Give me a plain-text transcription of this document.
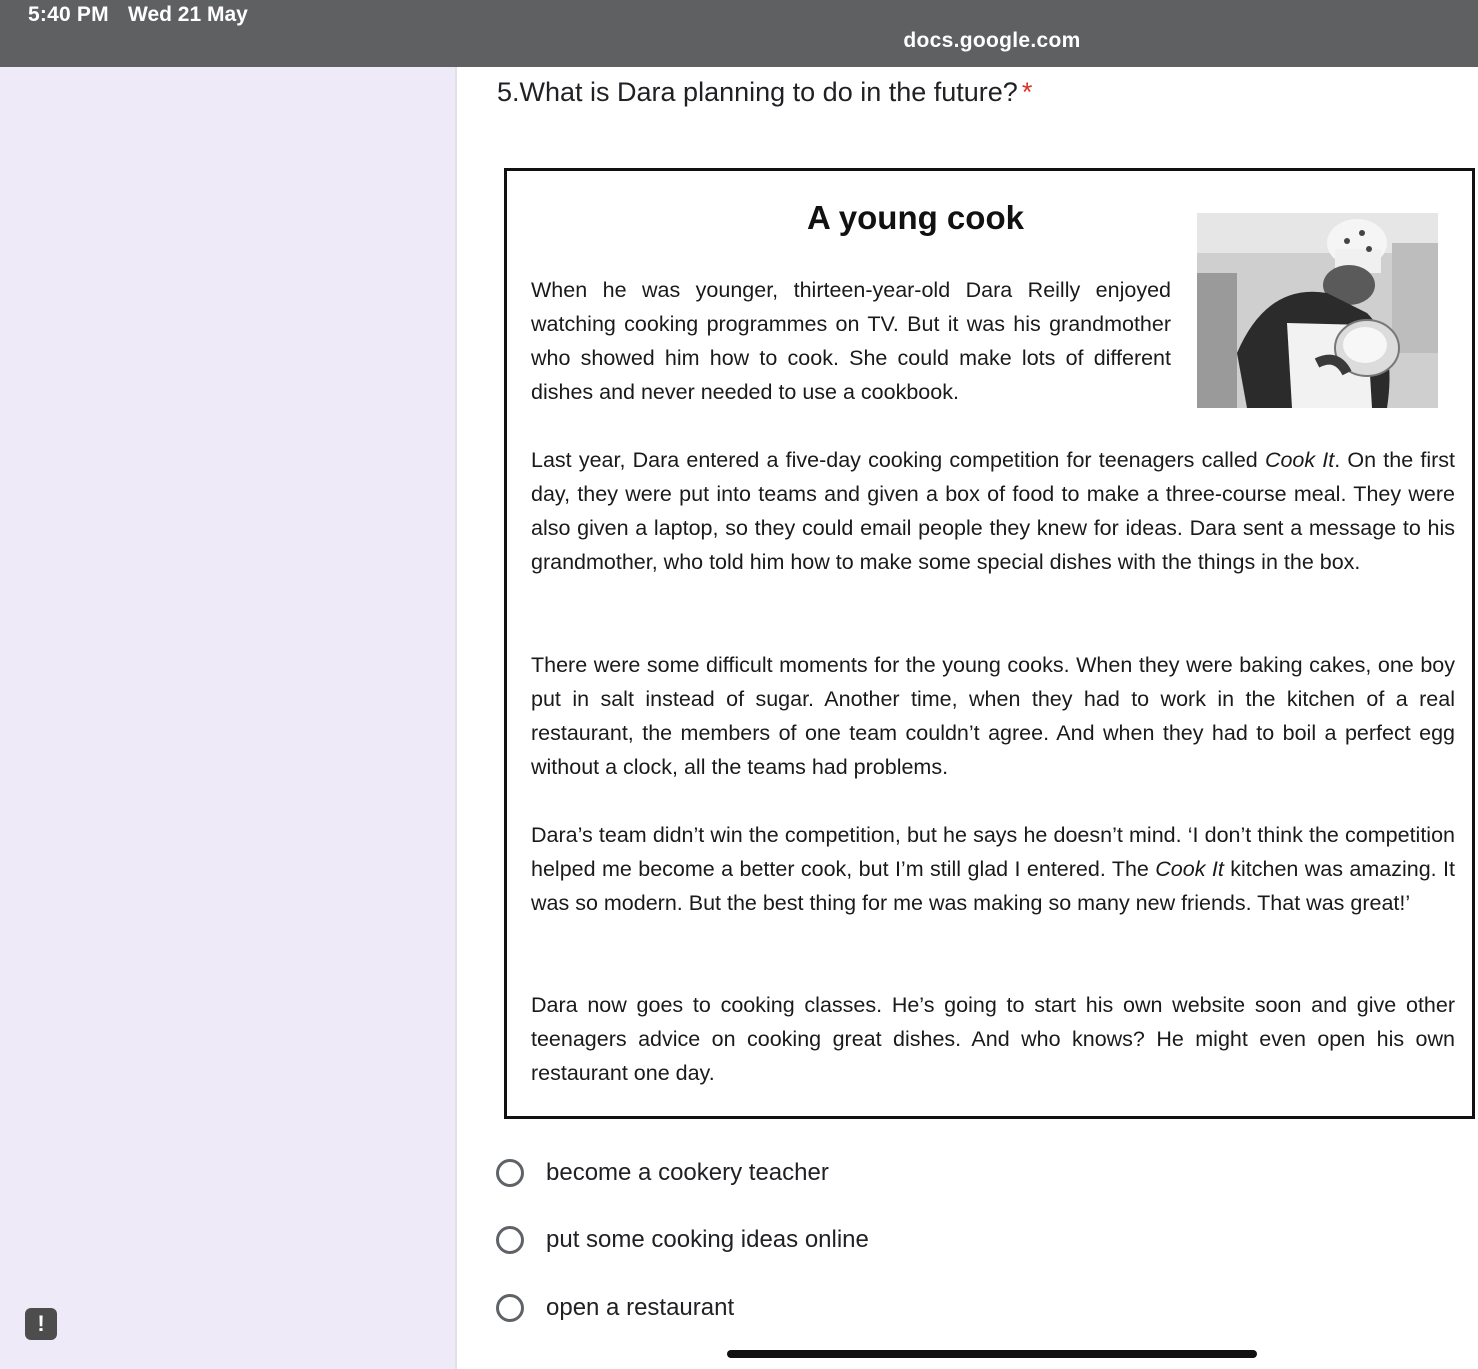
5:40 PM Wed 21 May
docs.google.com
!
5.What is Dara planning to do in the future? *
A young cook

When he was younger, thirteen-year-old Dara Reilly enjoyed watching cooking programmes on TV. But it was his grandmother who showed him how to cook. She could make lots of different dishes and never needed to use a cookbook.

Last year, Dara entered a five-day cooking competition for teenagers called Cook It. On the first day, they were put into teams and given a box of food to make a three-course meal. They were also given a laptop, so they could email people they knew for ideas. Dara sent a message to his grandmother, who told him how to make some special dishes with the things in the box.

There were some difficult moments for the young cooks. When they were baking cakes, one boy put in salt instead of sugar. Another time, when they had to work in the kitchen of a real restaurant, the members of one team couldn’t agree. And when they had to boil a perfect egg without a clock, all the teams had problems.

Dara’s team didn’t win the competition, but he says he doesn’t mind. ‘I don’t think the competition helped me become a better cook, but I’m still glad I entered. The Cook It kitchen was amazing. It was so modern. But the best thing for me was making so many new friends. That was great!’

Dara now goes to cooking classes. He’s going to start his own website soon and give other teenagers advice on cooking great dishes. And who knows? He might even open his own restaurant one day.

become a cookery teacher
put some cooking ideas online
open a restaurant
